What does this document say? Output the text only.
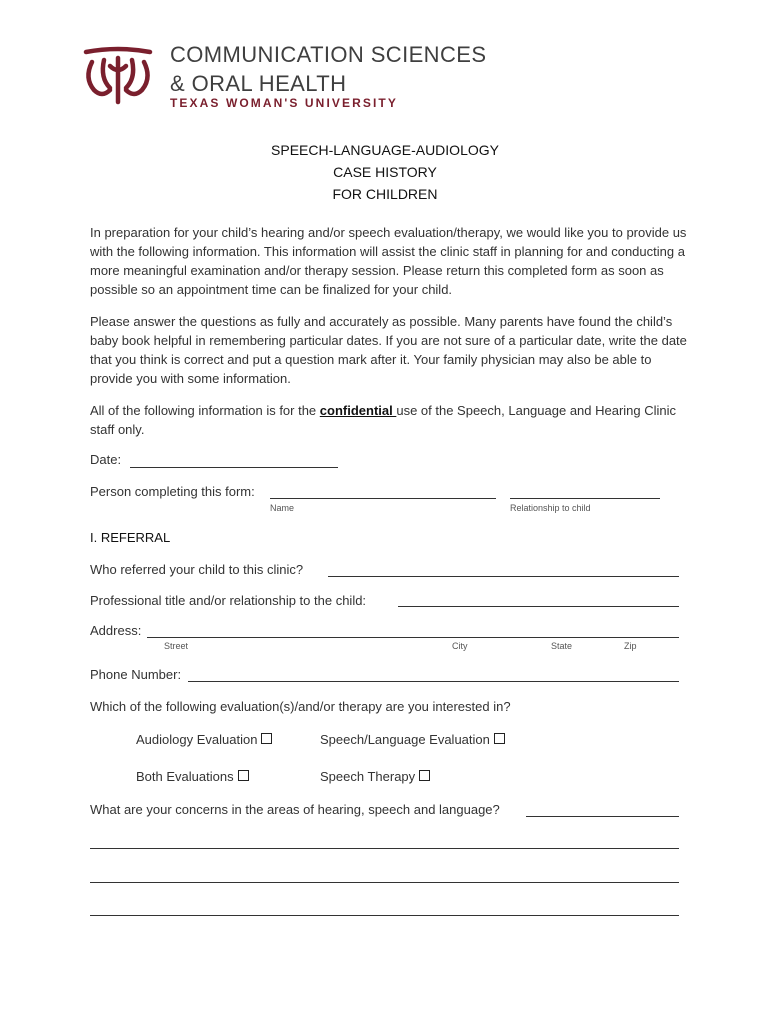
COMMUNICATION SCIENCES
& ORAL HEALTH
TEXAS WOMAN'S UNIVERSITY
SPEECH-LANGUAGE-AUDIOLOGY
CASE HISTORY
FOR CHILDREN
In preparation for your child’s hearing and/or speech evaluation/therapy, we would like you to provide us with the following information. This information will assist the clinic staff in planning for and conducting a more meaningful examination and/or therapy session. Please return this completed form as soon as possible so an appointment time can be finalized for your child.
Please answer the questions as fully and accurately as possible. Many parents have found the child’s baby book helpful in remembering particular dates. If you are not sure of a particular date, write the date that you think is correct and put a question mark after it. Your family physician may also be able to provide you with some information.
All of the following information is for the confidential use of the Speech, Language and Hearing Clinic staff only.
Date:
Person completing this form:
Name	Relationship to child
I. REFERRAL
Who referred your child to this clinic?
Professional title and/or relationship to the child:
Address:
Street	City	State	Zip
Phone Number:
Which of the following evaluation(s)/and/or therapy are you interested in?
Audiology Evaluation	Speech/Language Evaluation
Both Evaluations	Speech Therapy
What are your concerns in the areas of hearing, speech and language?
